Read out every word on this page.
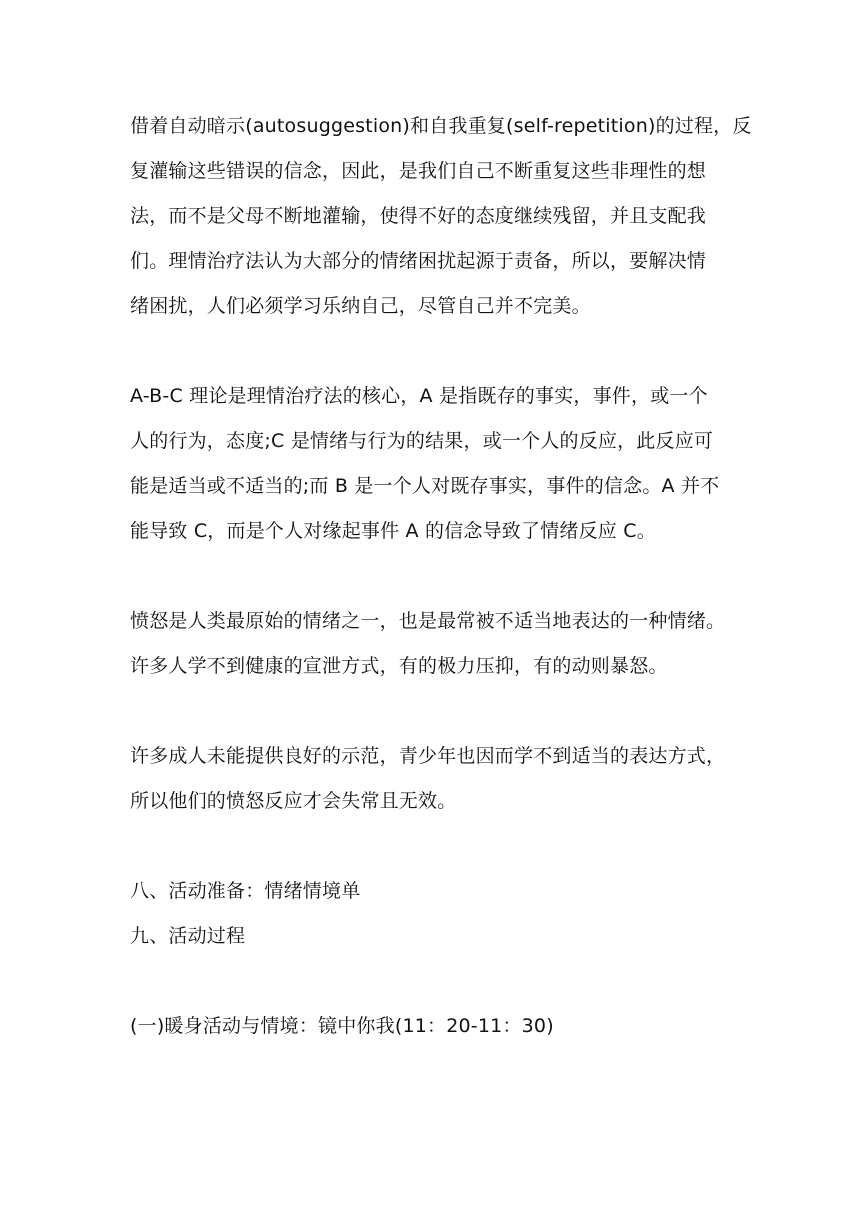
借着自动暗示(autosuggestion)和自我重复(self-repetition)的过程，反
复灌输这些错误的信念，因此，是我们自己不断重复这些非理性的想
法，而不是父母不断地灌输，使得不好的态度继续残留，并且支配我
们。理情治疗法认为大部分的情绪困扰起源于责备，所以，要解决情
绪困扰，人们必须学习乐纳自己，尽管自己并不完美。

A-B-C 理论是理情治疗法的核心，A 是指既存的事实，事件，或一个
人的行为，态度;C 是情绪与行为的结果，或一个人的反应，此反应可
能是适当或不适当的;而 B 是一个人对既存事实，事件的信念。A 并不
能导致 C，而是个人对缘起事件 A 的信念导致了情绪反应 C。

愤怒是人类最原始的情绪之一，也是最常被不适当地表达的一种情绪。
许多人学不到健康的宣泄方式，有的极力压抑，有的动则暴怒。

许多成人未能提供良好的示范，青少年也因而学不到适当的表达方式，
所以他们的愤怒反应才会失常且无效。

八、活动准备：情绪情境单

九、活动过程

(一)暖身活动与情境：镜中你我(11：20-11：30)
